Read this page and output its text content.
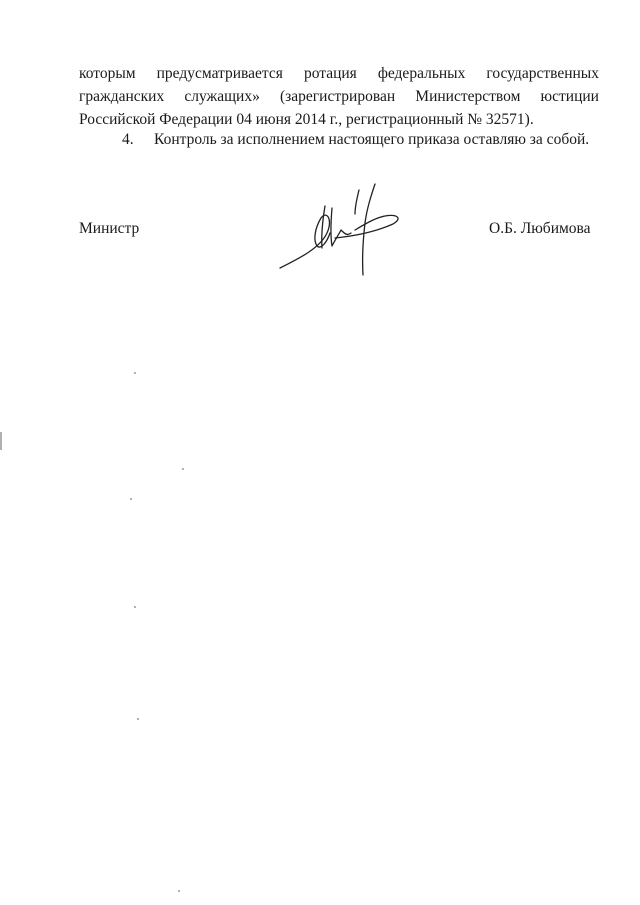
которым предусматривается ротация федеральных государственных
гражданских служащих» (зарегистрирован Министерством юстиции
Российской Федерации 04 июня 2014 г., регистрационный № 32571).
4. Контроль за исполнением настоящего приказа оставляю за собой.
Министр	О.Б. Любимова
